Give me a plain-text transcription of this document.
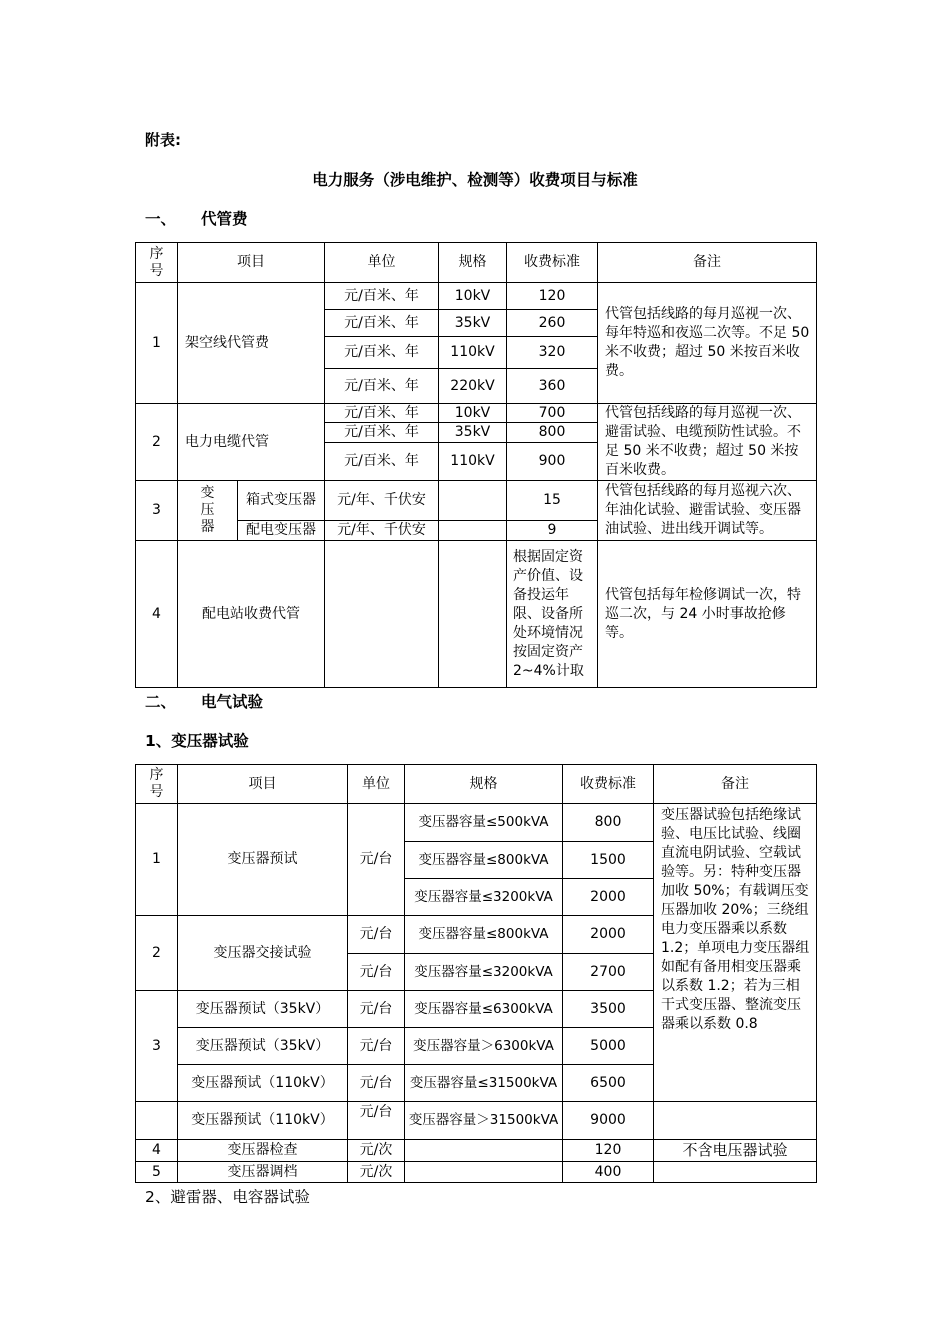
附表:
电力服务（涉电维护、检测等）收费项目与标准
一、 代管费
序号	项目		单位	规格	收费标准	备注
1	架空线代管费		元/百米、年	10kV	120	代管包括线路的每月巡视一次、每年特巡和夜巡二次等。不足 50 米不收费；超过 50 米按百米收费。
			元/百米、年	35kV	260	
			元/百米、年	110kV	320	
			元/百米、年	220kV	360	
2	电力电缆代管		元/百米、年	10kV	700	代管包括线路的每月巡视一次、避雷试验、电缆预防性试验。不足 50 米不收费；超过 50 米按百米收费。
			元/百米、年	35kV	800	
			元/百米、年	110kV	900	
3	变压器	箱式变压器	元/年、千伏安		15	代管包括线路的每月巡视六次、年油化试验、避雷试验、变压器油试验、进出线开调试等。
		配电变压器	元/年、千伏安		9	
4	配电站收费代管				根据固定资产价值、设备投运年限、设备所处环境情况按固定资产2~4%计取	代管包括每年检修调试一次，特巡二次，与 24 小时事故抢修等。
二、 电气试验
1、变压器试验
序号	项目	单位	规格	收费标准	备注
1	变压器预试	元/台	变压器容量≤500kVA	800	变压器试验包括绝缘试验、电压比试验、线圈直流电阴试验、空载试验等。另：特种变压器加收 50%；有载调压变压器加收 20%；三绕组电力变压器乘以系数 1.2；单项电力变压器组如配有备用相变压器乘以系数 1.2；若为三相干式变压器、整流变压器乘以系数 0.8
			变压器容量≤800kVA	1500	
			变压器容量≤3200kVA	2000	
2	变压器交接试验	元/台	变压器容量≤800kVA	2000	
		元/台	变压器容量≤3200kVA	2700	
3	变压器预试（35kV）	元/台	变压器容量≤6300kVA	3500	
	变压器预试（35kV）	元/台	变压器容量＞6300kVA	5000	
	变压器预试（110kV）	元/台	变压器容量≤31500kVA	6500	
	变压器预试（110kV）	元/台	变压器容量＞31500kVA	9000	
4	变压器检查	元/次		120	不含电压器试验
5	变压器调档	元/次		400	
2、避雷器、电容器试验
